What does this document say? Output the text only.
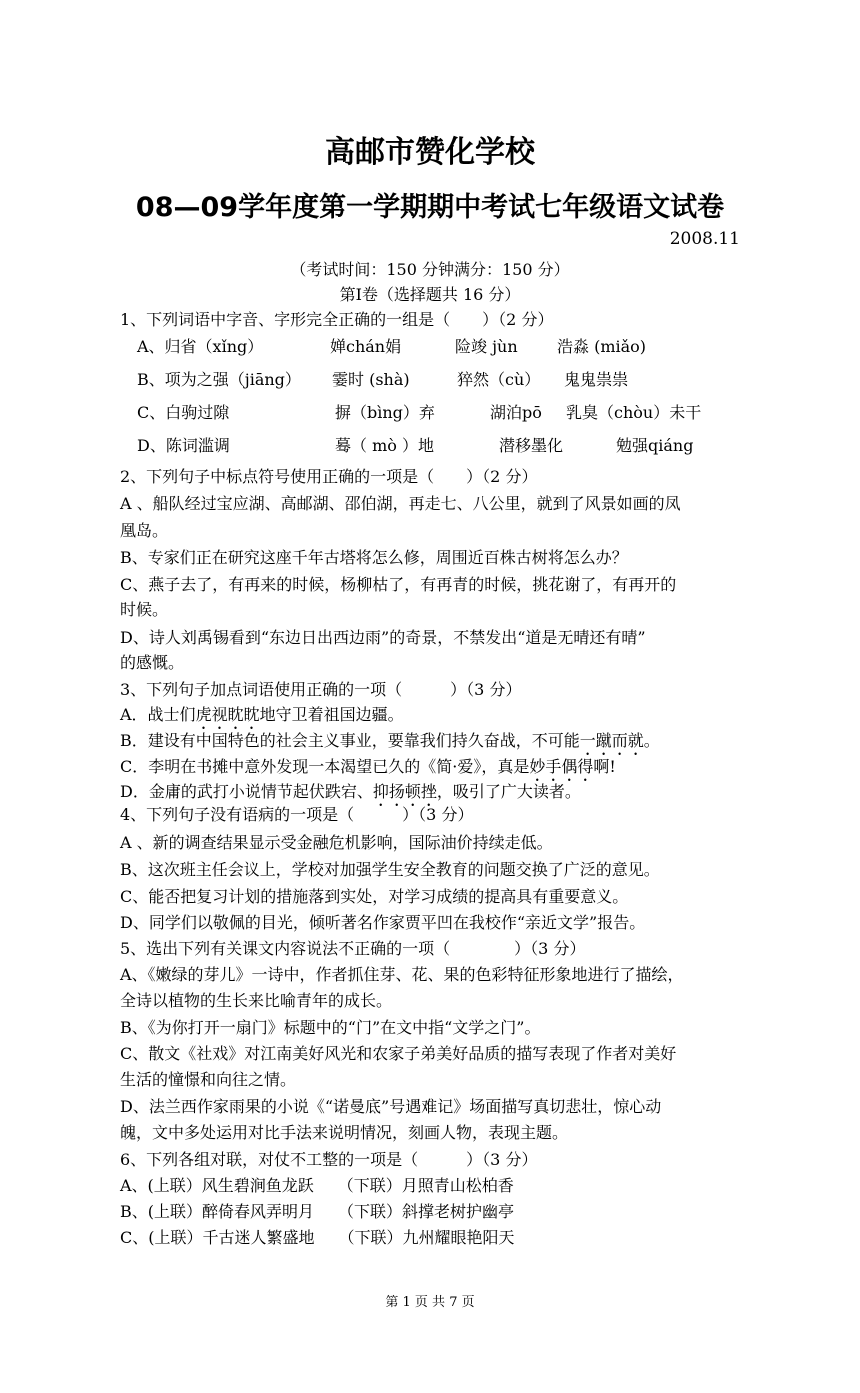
高邮市赞化学校
08—09学年度第一学期期中考试七年级语文试卷
2008.11
（考试时间：150 分钟满分：150 分）
第Ⅰ卷（选择题共 16 分）
1、下列词语中字音、字形完全正确的一组是（　　）（2 分）
A、归省（xǐng）	婵chán娟	险竣 jùn 浩淼 (miǎo)
B、项为之强（jiāng） 霎时 (shà)	猝然（cù） 鬼鬼祟祟
C、白驹过隙	摒（bìng）弃	湖泊pō 乳臭（chòu）未干
D、陈词滥调	蓦（ mò ）地	潜移墨化	勉强qiáng
2、下列句子中标点符号使用正确的一项是（　　）（2 分）
A 、船队经过宝应湖、高邮湖、邵伯湖，再走七、八公里，就到了风景如画的凤
凰岛。
B、专家们正在研究这座千年古塔将怎么修，周围近百株古树将怎么办？
C、燕子去了，有再来的时候，杨柳枯了，有再青的时候，挑花谢了，有再开的
时候。
D、诗人刘禹锡看到“东边日出西边雨”的奇景，不禁发出“道是无晴还有晴”
的感慨。
3、下列句子加点词语使用正确的一项（　　　）（3 分）
A．战士们虎视眈眈地守卫着祖国边疆。
B．建设有中国特色的社会主义事业，要靠我们持久奋战，不可能一蹴而就。
C．李明在书摊中意外发现一本渴望已久的《简·爱》，真是妙手偶得啊!
D．金庸的武打小说情节起伏跌宕、抑扬顿挫，吸引了广大读者。
4、下列句子没有语病的一项是（　　　）（3 分）
A 、新的调查结果显示受金融危机影响，国际油价持续走低。
B、这次班主任会议上，学校对加强学生安全教育的问题交换了广泛的意见。
C、能否把复习计划的措施落到实处，对学习成绩的提高具有重要意义。
D、同学们以敬佩的目光，倾听著名作家贾平凹在我校作“亲近文学”报告。
5、选出下列有关课文内容说法不正确的一项（　　　　）（3 分）
A、《嫩绿的芽儿》一诗中，作者抓住芽、花、果的色彩特征形象地进行了描绘，
全诗以植物的生长来比喻青年的成长。
B、《为你打开一扇门》标题中的“门”在文中指“文学之门”。
C、散文《社戏》对江南美好风光和农家子弟美好品质的描写表现了作者对美好
生活的憧憬和向往之情。
D、法兰西作家雨果的小说《“诺曼底”号遇难记》场面描写真切悲壮，惊心动
魄，文中多处运用对比手法来说明情况，刻画人物，表现主题。
6、下列各组对联，对仗不工整的一项是（　　　）（3 分）
A、(上联）风生碧涧鱼龙跃　　（下联）月照青山松柏香
B、(上联）醉倚春风弄明月　　（下联）斜撑老树护幽亭
C、(上联）千古迷人繁盛地　　（下联）九州耀眼艳阳天
第 1 页 共 7 页
